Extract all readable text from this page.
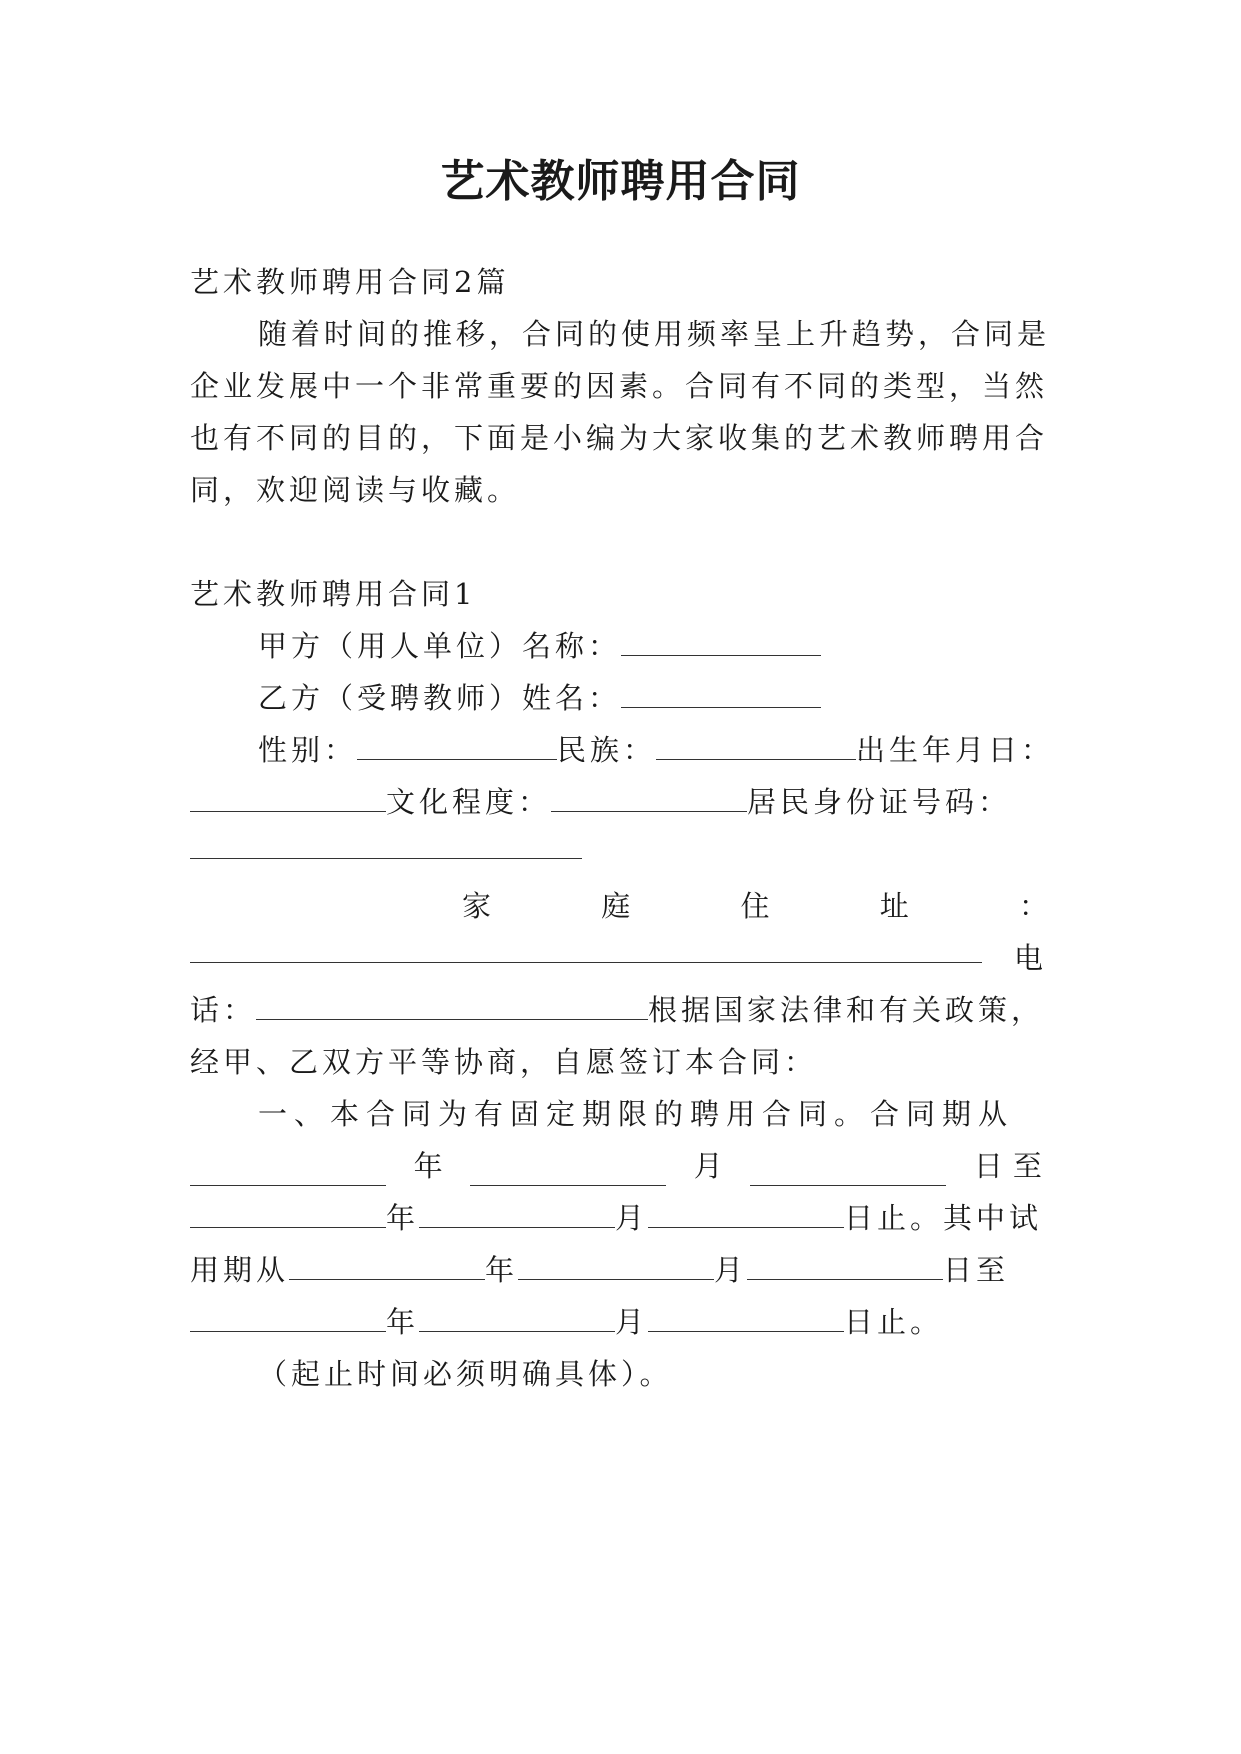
艺术教师聘用合同
艺术教师聘用合同2篇
随着时间的推移，合同的使用频率呈上升趋势，合同是
企业发展中一个非常重要的因素。合同有不同的类型，当然
也有不同的目的，下面是小编为大家收集的艺术教师聘用合
同，欢迎阅读与收藏。
艺术教师聘用合同1
甲方（用人单位）名称：
乙方（受聘教师）姓名：
性别：	民族：	出生年月日：
文化程度：	居民身份证号码：
家	庭	住	址	：
电
话：	根据国家法律和有关政策，
经甲、乙双方平等协商，自愿签订本合同：
一、本合同为有固定期限的聘用合同。合同期从
年	月	日至
年	月	日止。其中试
用期从	年	月	日至
年	月	日止。
（起止时间必须明确具体）。
